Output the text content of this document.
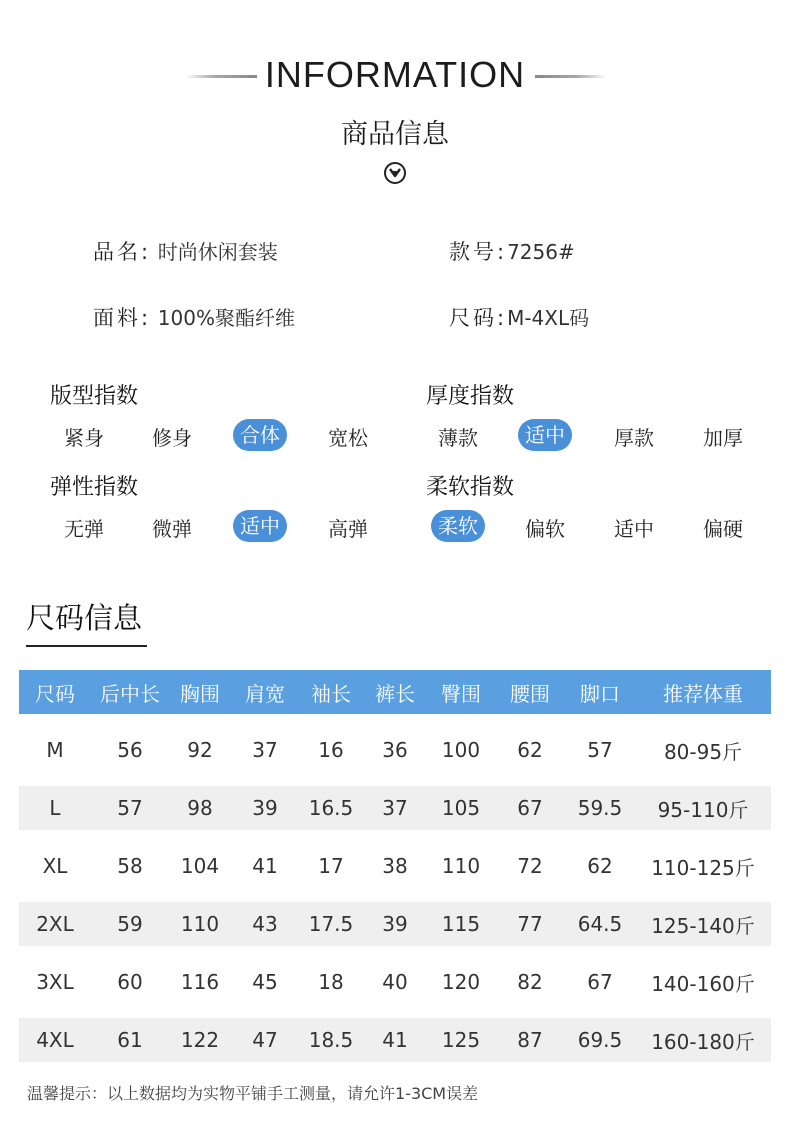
INFORMATION
商品信息
品名: 时尚休闲套装	款号:7256#
面料: 100%聚酯纤维	尺码:M-4XL码
版型指数	厚度指数
弹性指数	柔软指数
紧身	修身	合体	宽松	薄款	适中	厚款	加厚
无弹	微弹	适中	高弹	柔软	偏软	适中	偏硬
尺码信息
尺码	后中长	胸围	肩宽	袖长	裤长	臀围	腰围	脚口	推荐体重
M	56	92	37	16	36	100	62	57	80-95斤
L	57	98	39	16.5	37	105	67	59.5	95-110斤
XL	58	104	41	17	38	110	72	62	110-125斤
2XL	59	110	43	17.5	39	115	77	64.5	125-140斤
3XL	60	116	45	18	40	120	82	67	140-160斤
4XL	61	122	47	18.5	41	125	87	69.5	160-180斤
温馨提示：以上数据均为实物平铺手工测量，请允许1-3CM误差
